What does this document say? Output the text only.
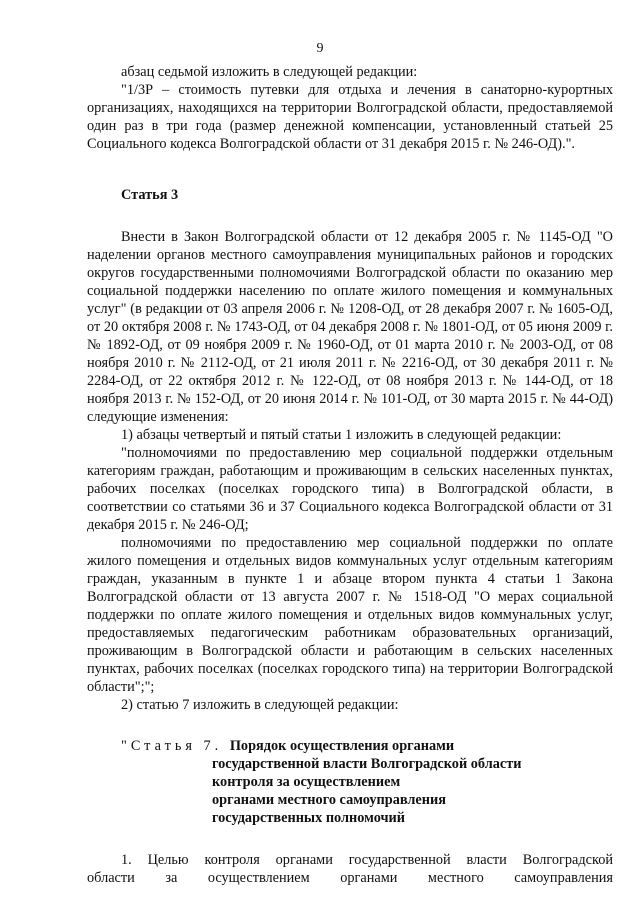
9

абзац седьмой изложить в следующей редакции:

"1/3Р – стоимость путевки для отдыха и лечения в санаторно-курортных организациях, находящихся на территории Волгоградской области, предоставляемой один раз в три года (размер денежной компенсации, установленный статьей 25 Социального кодекса Волгоградской области от 31 декабря 2015 г. № 246-ОД).".

Статья 3

Внести в Закон Волгоградской области от 12 декабря 2005 г. № 1145-ОД "О наделении органов местного самоуправления муниципальных районов и городских округов государственными полномочиями Волгоградской области по оказанию мер социальной поддержки населению по оплате жилого помещения и коммунальных услуг" (в редакции от 03 апреля 2006 г. № 1208-ОД, от 28 декабря 2007 г. № 1605-ОД, от 20 октября 2008 г. № 1743-ОД, от 04 декабря 2008 г. № 1801-ОД, от 05 июня 2009 г. № 1892-ОД, от 09 ноября 2009 г. № 1960-ОД, от 01 марта 2010 г. № 2003-ОД, от 08 ноября 2010 г. № 2112-ОД, от 21 июля 2011 г. № 2216-ОД, от 30 декабря 2011 г. № 2284-ОД, от 22 октября 2012 г. № 122-ОД, от 08 ноября 2013 г. № 144-ОД, от 18 ноября 2013 г. № 152-ОД, от 20 июня 2014 г. № 101-ОД, от 30 марта 2015 г. № 44-ОД) следующие изменения:

1) абзацы четвертый и пятый статьи 1 изложить в следующей редакции:

"полномочиями по предоставлению мер социальной поддержки отдельным категориям граждан, работающим и проживающим в сельских населенных пунктах, рабочих поселках (поселках городского типа) в Волгоградской области, в соответствии со статьями 36 и 37 Социального кодекса Волгоградской области от 31 декабря 2015 г. № 246-ОД;

полномочиями по предоставлению мер социальной поддержки по оплате жилого помещения и отдельных видов коммунальных услуг отдельным категориям граждан, указанным в пункте 1 и абзаце втором пункта 4 статьи 1 Закона Волгоградской области от 13 августа 2007 г. № 1518-ОД "О мерах социальной поддержки по оплате жилого помещения и отдельных видов коммунальных услуг, предоставляемых педагогическим работникам образовательных организаций, проживающим в Волгоградской области и работающим в сельских населенных пунктах, рабочих поселках (поселках городского типа) на территории Волгоградской области";";

2) статью 7 изложить в следующей редакции:

"Статья 7. Порядок осуществления органами
государственной власти Волгоградской области
контроля за осуществлением
органами местного самоуправления
государственных полномочий

1. Целью контроля органами государственной власти Волгоградской

области за осуществлением органами местного самоуправления
